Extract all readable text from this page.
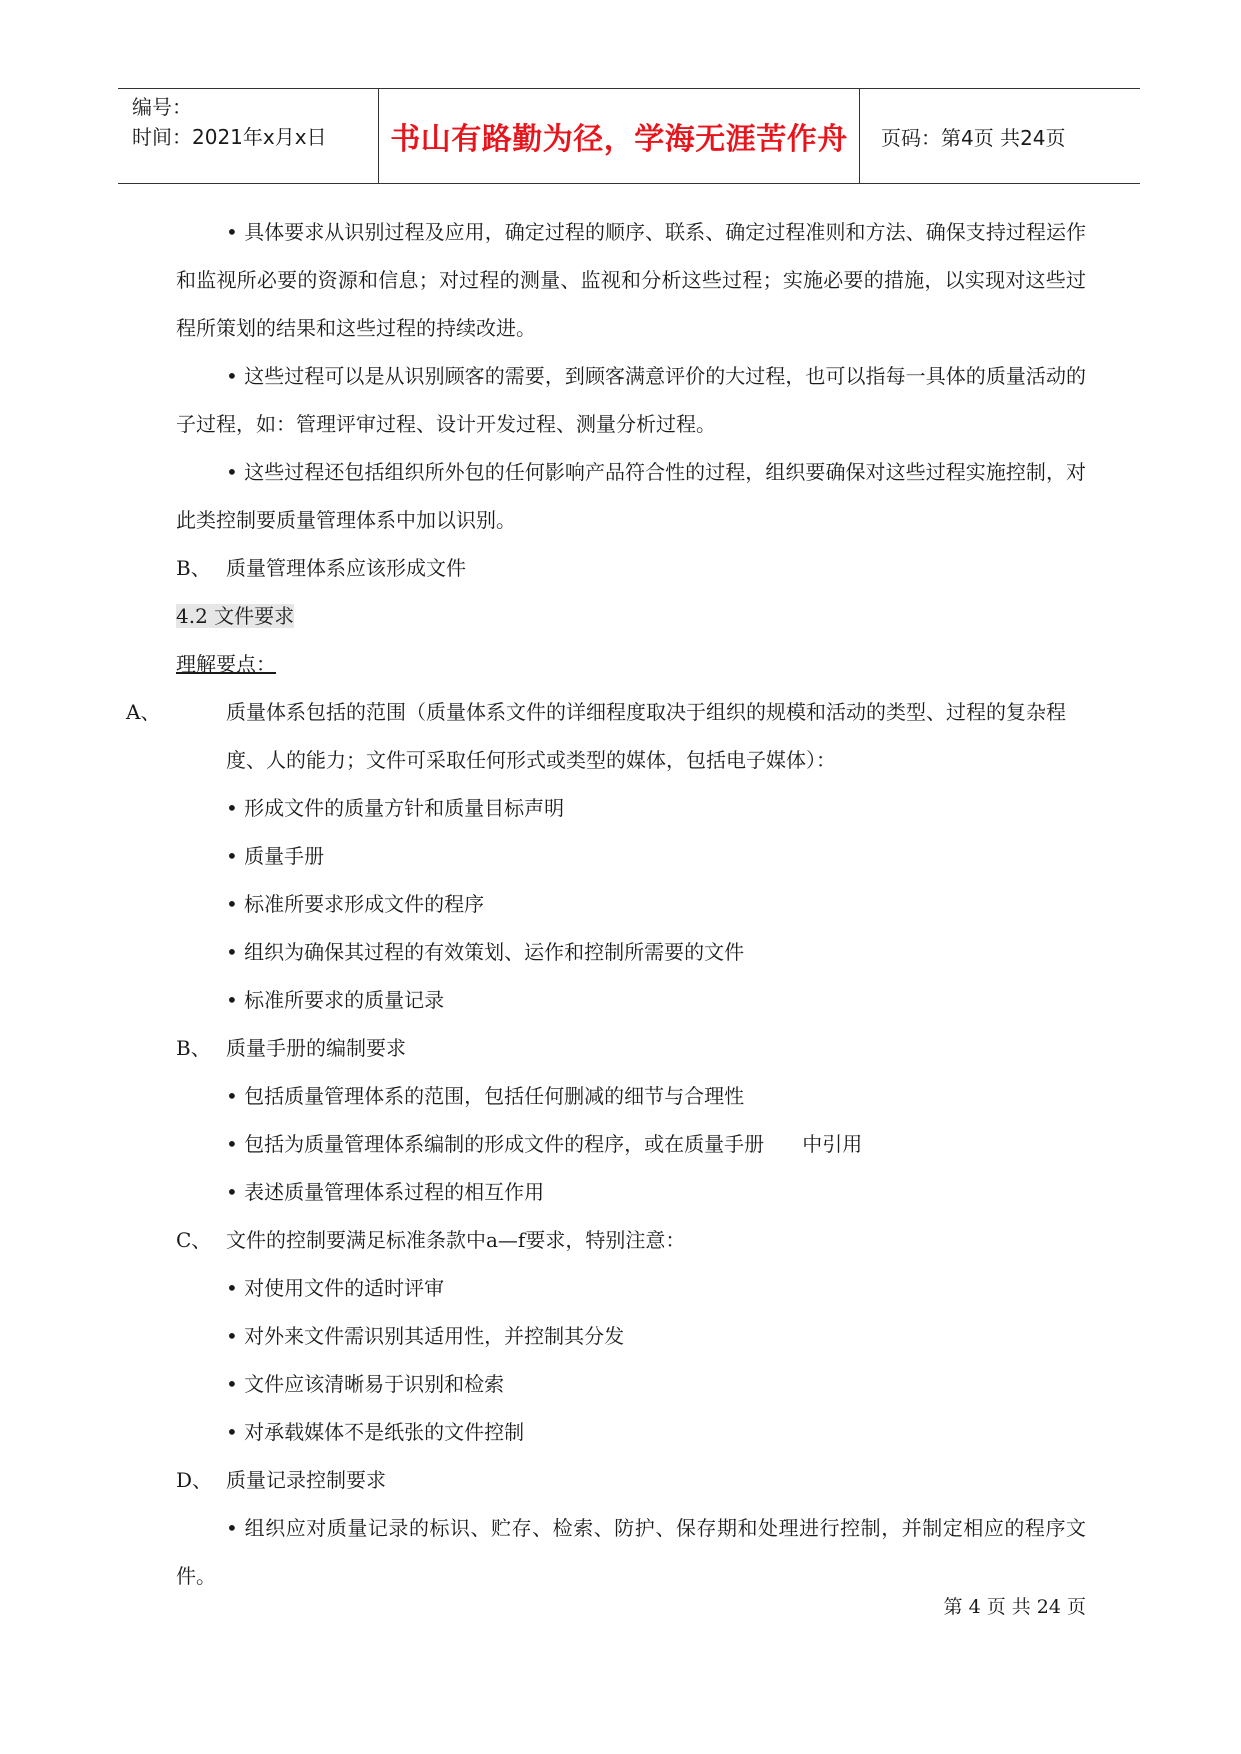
编号：
时间：2021年x月x日 书山有路勤为径，学海无涯苦作舟 页码：第4页 共24页

• 具体要求从识别过程及应用，确定过程的顺序、联系、确定过程准则和方法、确保支持过程运作和监视所必要的资源和信息；对过程的测量、监视和分析这些过程；实施必要的措施，以实现对这些过程所策划的结果和这些过程的持续改进。

• 这些过程可以是从识别顾客的需要，到顾客满意评价的大过程，也可以指每一具体的质量活动的子过程，如：管理评审过程、设计开发过程、测量分析过程。

• 这些过程还包括组织所外包的任何影响产品符合性的过程，组织要确保对这些过程实施控制，对此类控制要质量管理体系中加以识别。

B、 质量管理体系应该形成文件

4.2 文件要求

理解要点：

A、	质量体系包括的范围（质量体系文件的详细程度取决于组织的规模和活动的类型、过程的复杂程度、人的能力；文件可采取任何形式或类型的媒体，包括电子媒体）：

• 形成文件的质量方针和质量目标声明

• 质量手册

• 标准所要求形成文件的程序

• 组织为确保其过程的有效策划、运作和控制所需要的文件

• 标准所要求的质量记录

B、 质量手册的编制要求

• 包括质量管理体系的范围，包括任何删减的细节与合理性

• 包括为质量管理体系编制的形成文件的程序，或在质量手册      中引用

• 表述质量管理体系过程的相互作用

C、 文件的控制要满足标准条款中a—f要求，特别注意：

• 对使用文件的适时评审

• 对外来文件需识别其适用性，并控制其分发

• 文件应该清晰易于识别和检索

• 对承载媒体不是纸张的文件控制

D、 质量记录控制要求

• 组织应对质量记录的标识、贮存、检索、防护、保存期和处理进行控制，并制定相应的程序文件。

第 4 页 共 24 页
